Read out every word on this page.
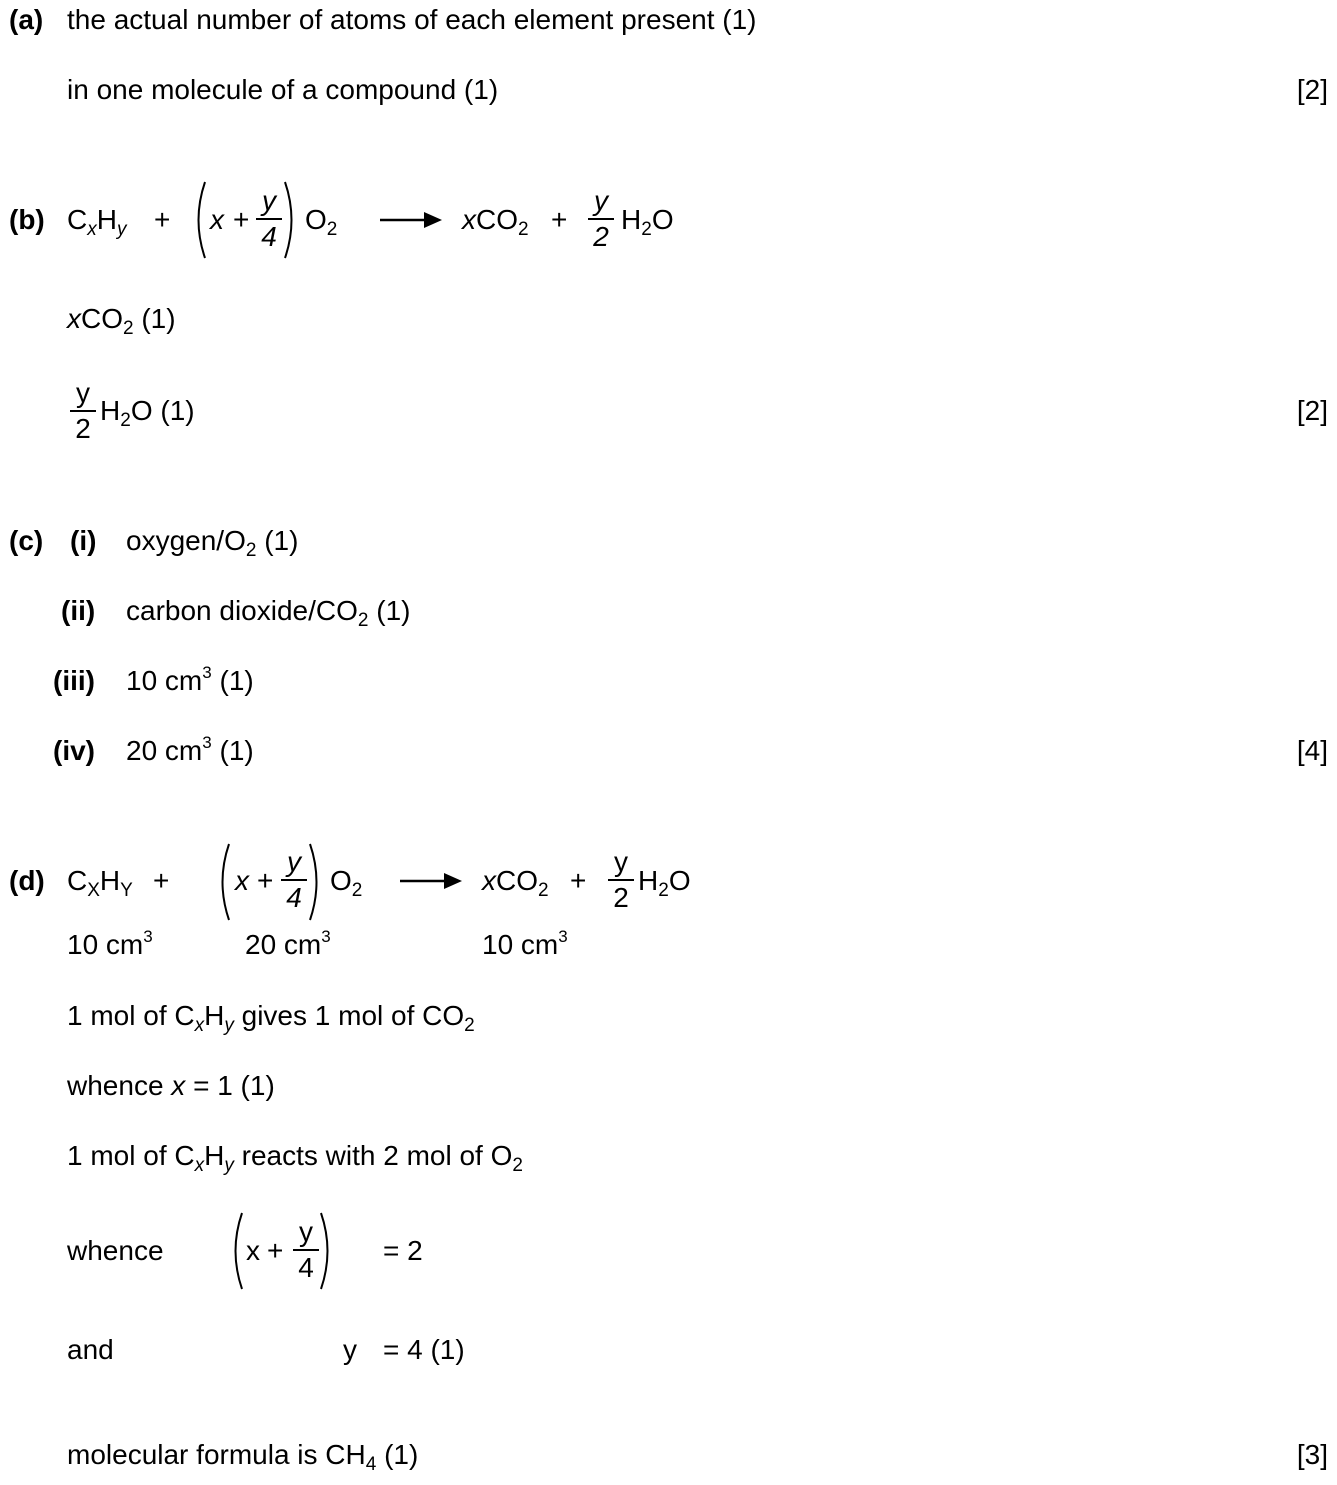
(a) the actual number of atoms of each element present (1)
in one molecule of a compound (1)	[2]
(b) $C_xH_y + x$ +
y
4
$O_2$	xCO$_2$ +
y
2
$H_2O$
xCO$_2$ (1)
y
2
$H_2O$ (1)	[2]
(c) (i) oxygen/$O_2$ (1)
(ii) carbon dioxide/$CO_2$ (1)
(iii) 10 $cm^3$ (1)
(iv) 20 $cm^3$ (1)	[4]
(d) $C_XH_Y + x$ +
y
4
$O_2$	xCO$_2$ +
y
2
$H_2O$
10 $cm^3$	20 $cm^3$	10 $cm^3$
1 mol of $C_xH_y$ gives 1 mol of $CO_2$
whence x = 1 (1)
1 mol of $C_xH_y$ reacts with 2 mol of $O_2$
whence	x +
y
4
= 2
and	y = 4 (1)
molecular formula is $CH_4$ (1)	[3]
